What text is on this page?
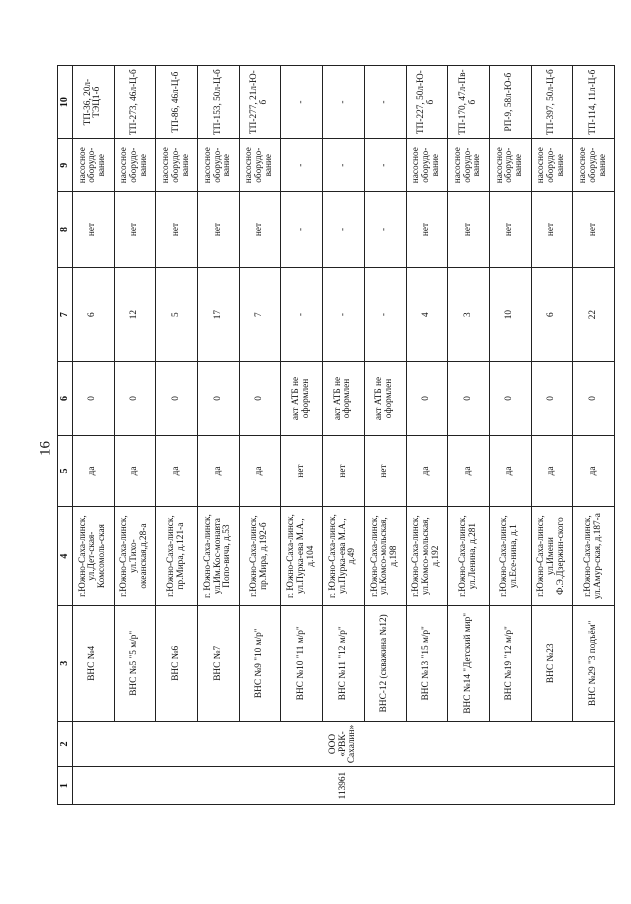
16
1	2	3	4	5	6	7	8	9	10
113961	ООО «РВК-Сахалин»	ВНС №4	г.Южно-Саха-линск, ул.Дет-ская-Комсомоль-ская	да	0	6	нет	насосное оборудо-вание	ТП-36, 20л-ТЭЦ1-б
		ВНС №5 "5 м/р"	г.Южно-Саха-линск, ул.Тихо-океанская,д.28-а	да	0	12	нет	насосное оборудо-вание	ТП-273, 46л-Ц-б
		ВНС №6	г.Южно-Саха-линск, пр.Мира, д.121-а	да	0	5	нет	насосное оборудо-вание	ТП-86, 46л-Ц-б
		ВНС №7	г. Южно-Саха-линск, ул.Им.Кос-монавта Попо-вича, д.53	да	0	17	нет	насосное оборудо-вание	ТП-153, 50л-Ц-б
		ВНС №9 "10 м/р"	г.Южно-Саха-линск, пр.Мира, д.192-б	да	0	7	нет	насосное оборудо-вание	ТП-277, 21л-Ю-б
		ВНС №10 "11 м/р"	г. Южно-Саха-линск, ул.Пурка-ева М.А., д.104	нет	акт АТБ не оформлен	-	-	-	-
		ВНС №11 "12 м/р"	г. Южно-Саха-линск, ул.Пурка-ева М.А., д.49	нет	акт АТБ не оформлен	-	-	-	-
		ВНС-12 (скважина №12)	г.Южно-Саха-линск, ул.Комсо-мольская, д.198	нет	акт АТБ не оформлен	-	-	-	-
		ВНС №13 "15 м/р"	г.Южно-Саха-линск, ул.Комсо-мольская, д.192	да	0	4	нет	насосное оборудо-вание	ТП-227, 50л-Ю-б
		ВНС №14 "Детский мир"	г.Южно-Саха-линск, ул.Ленина, д.281	да	0	3	нет	насосное оборудо-вание	ТП-170, 47л-Пв-б
		ВНС №19 "12 м/р"	г.Южно-Саха-линск, ул.Есе-нина, д.1	да	0	10	нет	насосное оборудо-вание	РП-9, 58л-Ю-б
		ВНС №23	г.Южно-Саха-линск, ул.Имени Ф.Э.Дзержин-ского	да	0	6	нет	насосное оборудо-вание	ТП-397, 50л-Ц-б
		ВНС №29 "3 подъём"	г.Южно-Саха-линск, ул.Амур-ская, д.187-а	да	0	22	нет	насосное оборудо-вание	ТП-114, 11л-Ц-б
